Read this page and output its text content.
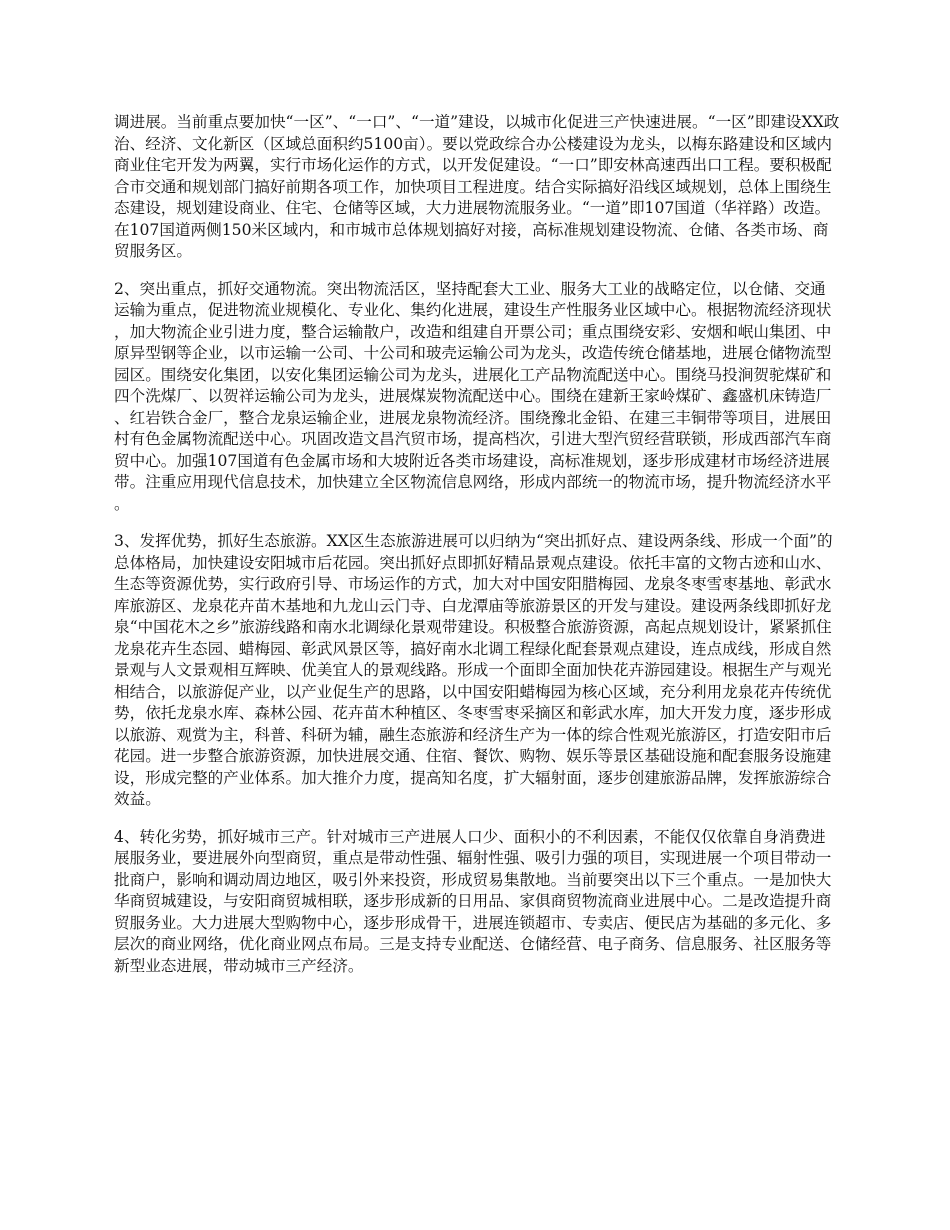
调进展。当前重点要加快“一区”、“一口”、“一道”建设，以城市化促进三产快速进展。“一区”即建设XX政治、经济、文化新区（区域总面积约5100亩）。要以党政综合办公楼建设为龙头，以梅东路建设和区域内商业住宅开发为两翼，实行市场化运作的方式，以开发促建设。“一口”即安林高速西出口工程。要积极配合市交通和规划部门搞好前期各项工作，加快项目工程进度。结合实际搞好沿线区域规划，总体上围绕生态建设，规划建设商业、住宅、仓储等区域，大力进展物流服务业。“一道”即107国道（华祥路）改造。在107国道两侧150米区域内，和市城市总体规划搞好对接，高标准规划建设物流、仓储、各类市场、商贸服务区。

2、突出重点，抓好交通物流。突出物流活区，坚持配套大工业、服务大工业的战略定位，以仓储、交通运输为重点，促进物流业规模化、专业化、集约化进展，建设生产性服务业区域中心。根据物流经济现状，加大物流企业引进力度，整合运输散户，改造和组建自开票公司；重点围绕安彩、安烟和岷山集团、中原异型钢等企业，以市运输一公司、十公司和玻壳运输公司为龙头，改造传统仓储基地，进展仓储物流型园区。围绕安化集团，以安化集团运输公司为龙头，进展化工产品物流配送中心。围绕马投涧贺驼煤矿和四个洗煤厂、以贺祥运输公司为龙头，进展煤炭物流配送中心。围绕在建新王家岭煤矿、鑫盛机床铸造厂、红岩铁合金厂，整合龙泉运输企业，进展龙泉物流经济。围绕豫北金铅、在建三丰铜带等项目，进展田村有色金属物流配送中心。巩固改造文昌汽贸市场，提高档次，引进大型汽贸经营联锁，形成西部汽车商贸中心。加强107国道有色金属市场和大坡附近各类市场建设，高标准规划，逐步形成建材市场经济进展带。注重应用现代信息技术，加快建立全区物流信息网络，形成内部统一的物流市场，提升物流经济水平。

3、发挥优势，抓好生态旅游。XX区生态旅游进展可以归纳为“突出抓好点、建设两条线、形成一个面”的总体格局，加快建设安阳城市后花园。突出抓好点即抓好精品景观点建设。依托丰富的文物古迹和山水、生态等资源优势，实行政府引导、市场运作的方式，加大对中国安阳腊梅园、龙泉冬枣雪枣基地、彰武水库旅游区、龙泉花卉苗木基地和九龙山云门寺、白龙潭庙等旅游景区的开发与建设。建设两条线即抓好龙泉“中国花木之乡”旅游线路和南水北调绿化景观带建设。积极整合旅游资源，高起点规划设计，紧紧抓住龙泉花卉生态园、蜡梅园、彰武风景区等，搞好南水北调工程绿化配套景观点建设，连点成线，形成自然景观与人文景观相互辉映、优美宜人的景观线路。形成一个面即全面加快花卉游园建设。根据生产与观光相结合，以旅游促产业，以产业促生产的思路，以中国安阳蜡梅园为核心区域，充分利用龙泉花卉传统优势，依托龙泉水库、森林公园、花卉苗木种植区、冬枣雪枣采摘区和彰武水库，加大开发力度，逐步形成以旅游、观赏为主，科普、科研为辅，融生态旅游和经济生产为一体的综合性观光旅游区，打造安阳市后花园。进一步整合旅游资源，加快进展交通、住宿、餐饮、购物、娱乐等景区基础设施和配套服务设施建设，形成完整的产业体系。加大推介力度，提高知名度，扩大辐射面，逐步创建旅游品牌，发挥旅游综合效益。

4、转化劣势，抓好城市三产。针对城市三产进展人口少、面积小的不利因素，不能仅仅依靠自身消费进展服务业，要进展外向型商贸，重点是带动性强、辐射性强、吸引力强的项目，实现进展一个项目带动一批商户，影响和调动周边地区，吸引外来投资，形成贸易集散地。当前要突出以下三个重点。一是加快大华商贸城建设，与安阳商贸城相联，逐步形成新的日用品、家俱商贸物流商业进展中心。二是改造提升商贸服务业。大力进展大型购物中心，逐步形成骨干，进展连锁超市、专卖店、便民店为基础的多元化、多层次的商业网络，优化商业网点布局。三是支持专业配送、仓储经营、电子商务、信息服务、社区服务等新型业态进展，带动城市三产经济。
